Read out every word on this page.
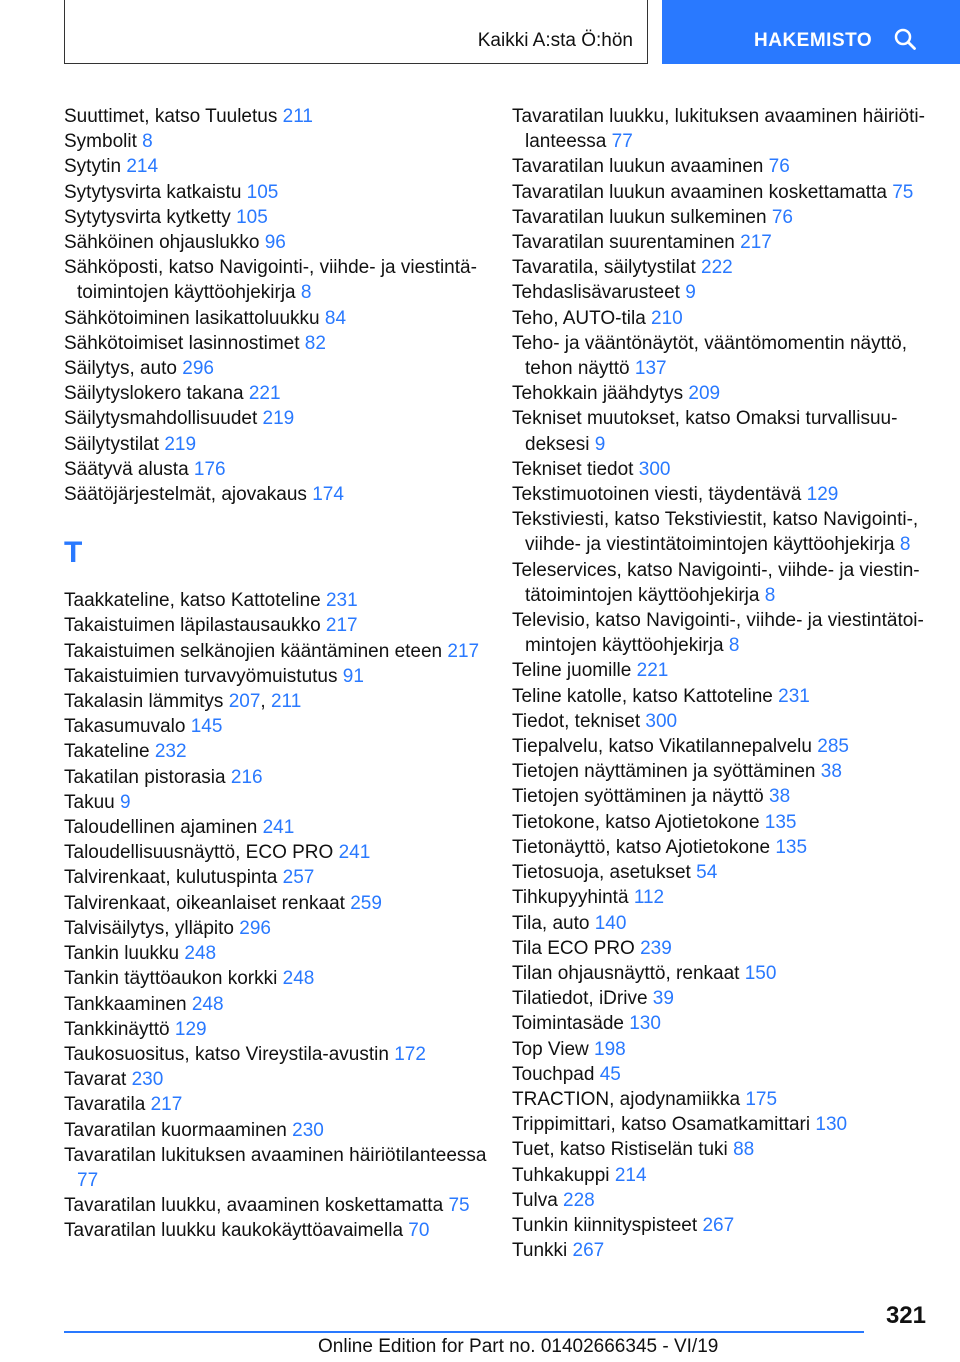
Kaikki A:sta Ö:hön	HAKEMISTO
Suuttimet, katso Tuuletus 211
Symbolit 8
Sytytin 214
Sytytysvirta katkaistu 105
Sytytysvirta kytketty 105
Sähköinen ohjauslukko 96
Sähköposti, katso Navigointi-, viihde- ja viestintätoimintojen käyttöohjekirja 8
Sähkötoiminen lasikattoluukku 84
Sähkötoimiset lasinnostimet 82
Säilytys, auto 296
Säilytyslokero takana 221
Säilytysmahdollisuudet 219
Säilytystilat 219
Säätyvä alusta 176
Säätöjärjestelmät, ajovakaus 174
T
Taakkateline, katso Kattoteline 231
Takaistuimen läpilastausaukko 217
Takaistuimen selkänojien kääntäminen eteen 217
Takaistuimien turvavyömuistutus 91
Takalasin lämmitys 207, 211
Takasumuvalo 145
Takateline 232
Takatilan pistorasia 216
Takuu 9
Taloudellinen ajaminen 241
Taloudellisuusnäyttö, ECO PRO 241
Talvirenkaat, kulutuspinta 257
Talvirenkaat, oikeanlaiset renkaat 259
Talvisäilytys, ylläpito 296
Tankin luukku 248
Tankin täyttöaukon korkki 248
Tankkaaminen 248
Tankkinäyttö 129
Taukosuositus, katso Vireystila-avustin 172
Tavarat 230
Tavaratila 217
Tavaratilan kuormaaminen 230
Tavaratilan lukituksen avaaminen häiriötilanteessa 77
Tavaratilan luukku, avaaminen koskettamatta 75
Tavaratilan luukku kaukokäyttöavaimella 70
Tavaratilan luukku, lukituksen avaaminen häiriötilanteessa 77
Tavaratilan luukun avaaminen 76
Tavaratilan luukun avaaminen koskettamatta 75
Tavaratilan luukun sulkeminen 76
Tavaratilan suurentaminen 217
Tavaratila, säilytystilat 222
Tehdaslisävarusteet 9
Teho, AUTO-tila 210
Teho- ja vääntönäytöt, vääntömomentin näyttö, tehon näyttö 137
Tehokkain jäähdytys 209
Tekniset muutokset, katso Omaksi turvallisuudeksesi 9
Tekniset tiedot 300
Tekstimuotoinen viesti, täydentävä 129
Tekstiviesti, katso Tekstiviestit, katso Navigointi-, viihde- ja viestintätoimintojen käyttöohjekirja 8
Teleservices, katso Navigointi-, viihde- ja viestintätoimintojen käyttöohjekirja 8
Televisio, katso Navigointi-, viihde- ja viestintätoimintojen käyttöohjekirja 8
Teline juomille 221
Teline katolle, katso Kattoteline 231
Tiedot, tekniset 300
Tiepalvelu, katso Vikatilannepalvelu 285
Tietojen näyttäminen ja syöttäminen 38
Tietojen syöttäminen ja näyttö 38
Tietokone, katso Ajotietokone 135
Tietonäyttö, katso Ajotietokone 135
Tietosuoja, asetukset 54
Tihkupyyhintä 112
Tila, auto 140
Tila ECO PRO 239
Tilan ohjausnäyttö, renkaat 150
Tilatiedot, iDrive 39
Toimintasäde 130
Top View 198
Touchpad 45
TRACTION, ajodynamiikka 175
Trippimittari, katso Osamatkamittari 130
Tuet, katso Ristiselän tuki 88
Tuhkakuppi 214
Tulva 228
Tunkin kiinnityspisteet 267
Tunkki 267
321
Online Edition for Part no. 01402666345 - VI/19
